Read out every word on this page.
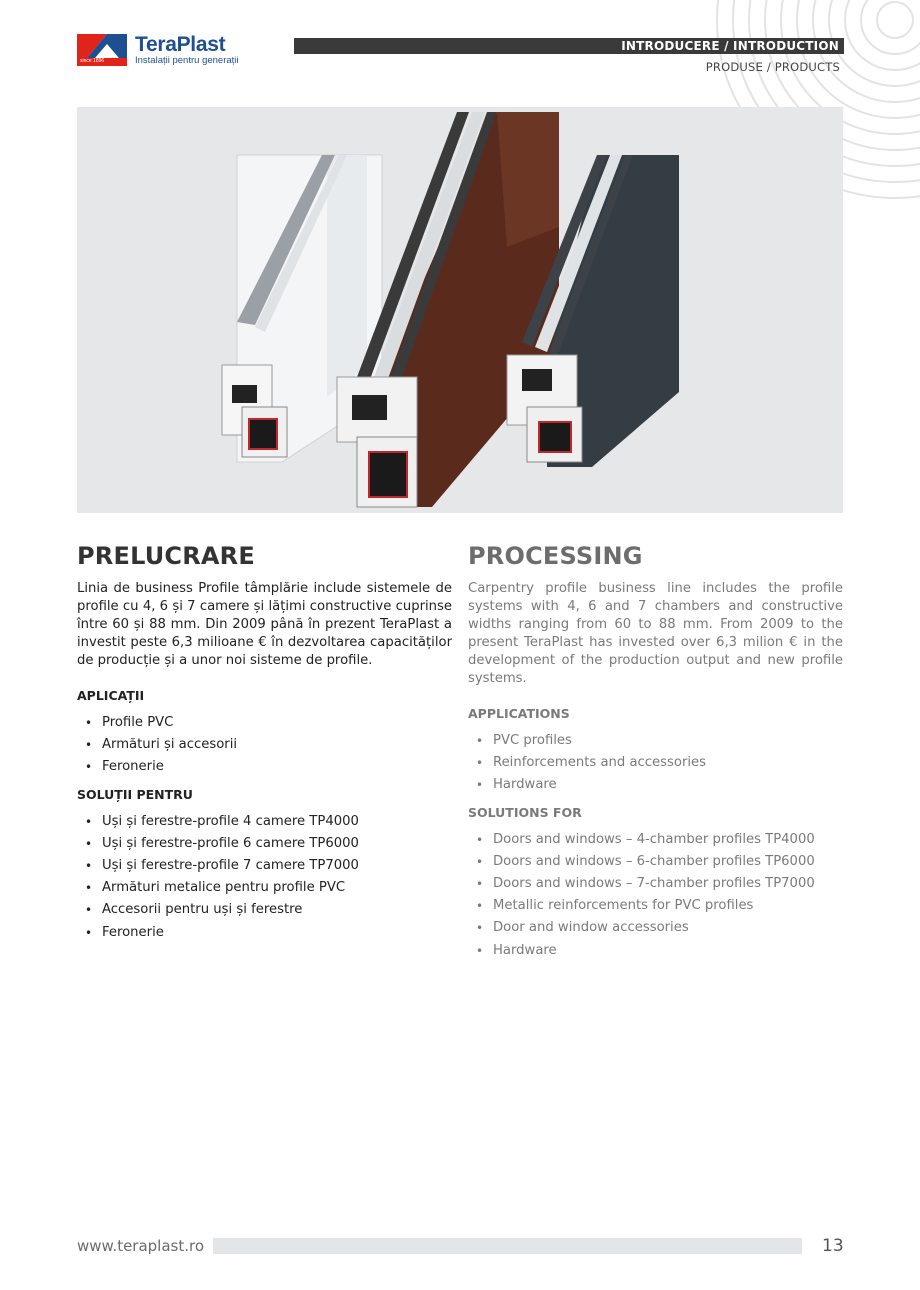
since 1896
TeraPlast
Instalații pentru generații
INTRODUCERE / INTRODUCTION
PRODUSE / PRODUCTS
PRELUCRARE

Linia de business Profile tâmplărie include sistemele de profile cu 4, 6 și 7 camere și lățimi constructive cuprinse între 60 și 88 mm. Din 2009 până în prezent TeraPlast a investit peste 6,3 milioane € în dezvoltarea capacităților de producție și a unor noi sisteme de profile.

APLICAȚII
• Profile PVC
• Armături și accesorii
• Feronerie
SOLUȚII PENTRU
• Uși și ferestre-profile 4 camere TP4000
• Uși și ferestre-profile 6 camere TP6000
• Uși și ferestre-profile 7 camere TP7000
• Armături metalice pentru profile PVC
• Accesorii pentru uși și ferestre
• Feronerie
PROCESSING

Carpentry profile business line includes the profile systems with 4, 6 and 7 chambers and constructive widths ranging from 60 to 88 mm. From 2009 to the present TeraPlast has invested over 6,3 milion € in the development of the production output and new profile systems.

APPLICATIONS
• PVC profiles
• Reinforcements and accessories
• Hardware
SOLUTIONS FOR
• Doors and windows – 4-chamber profiles TP4000
• Doors and windows – 6-chamber profiles TP6000
• Doors and windows – 7-chamber profiles TP7000
• Metallic reinforcements for PVC profiles
• Door and window accessories
• Hardware
www.teraplast.ro	13
